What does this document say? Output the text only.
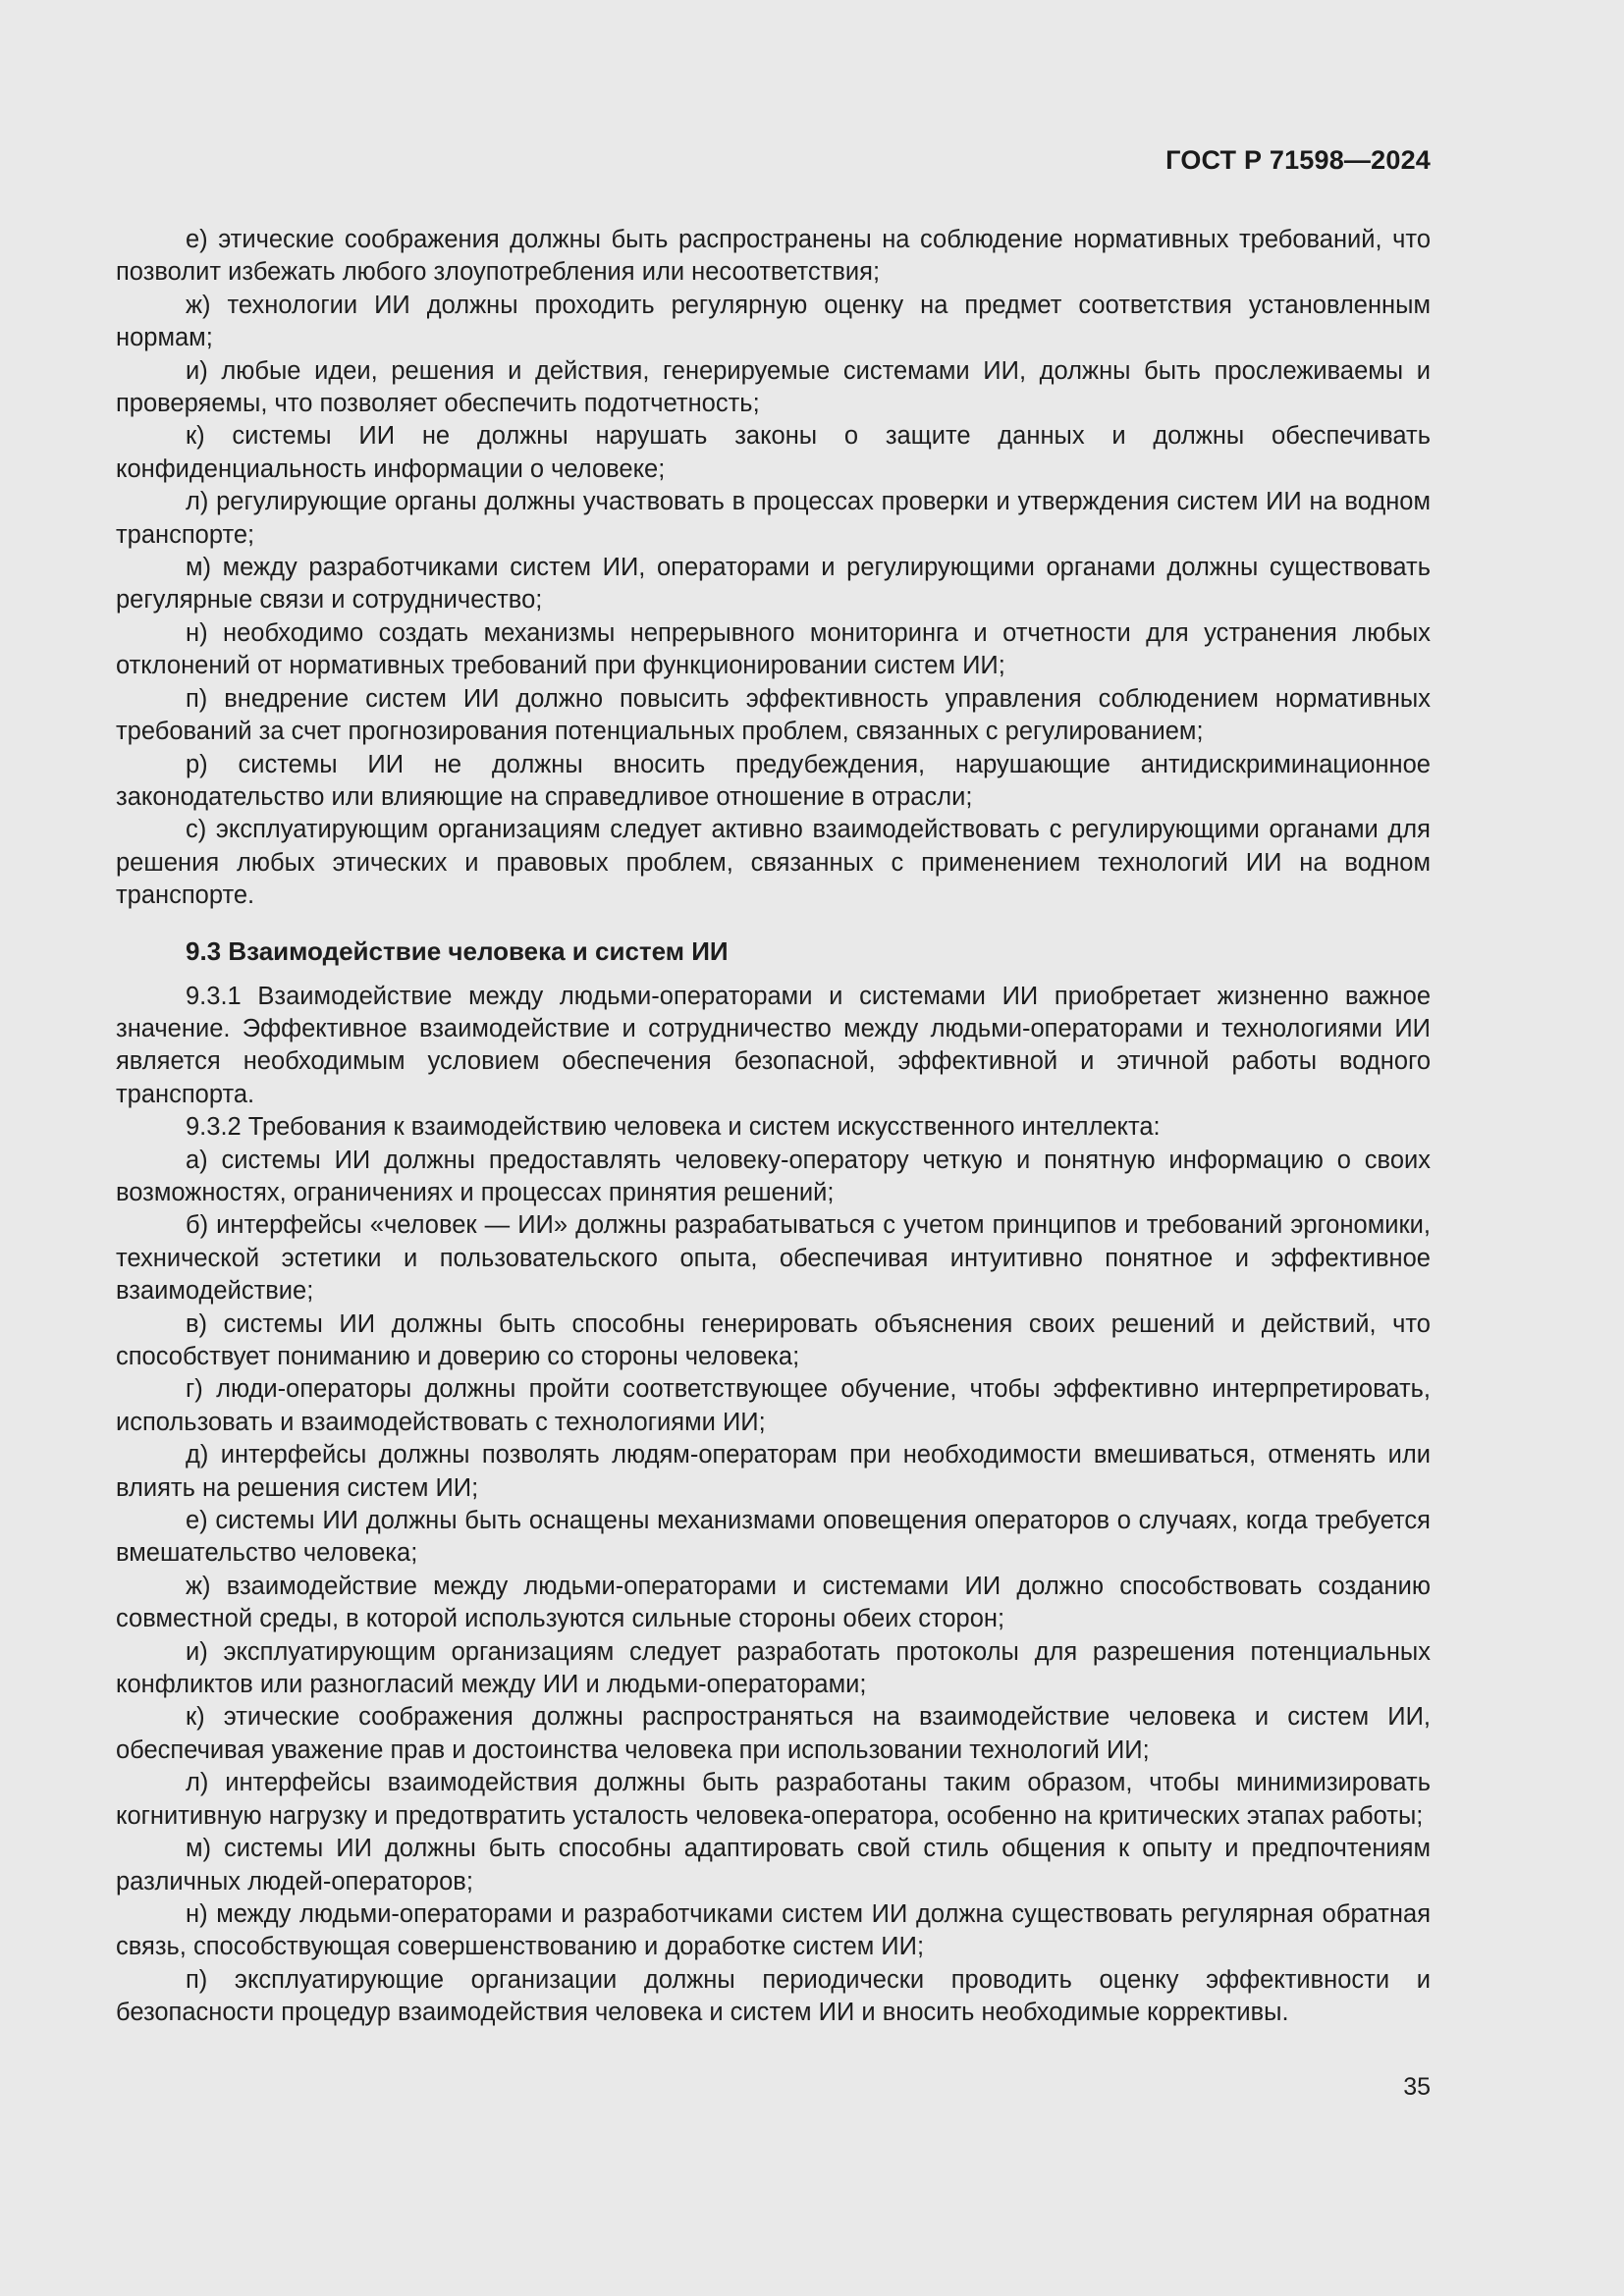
ГОСТ Р 71598—2024

е) этические соображения должны быть распространены на соблюдение нормативных требований, что позволит избежать любого злоупотребления или несоответствия;

ж) технологии ИИ должны проходить регулярную оценку на предмет соответствия установленным нормам;

и) любые идеи, решения и действия, генерируемые системами ИИ, должны быть прослеживаемы и проверяемы, что позволяет обеспечить подотчетность;

к) системы ИИ не должны нарушать законы о защите данных и должны обеспечивать конфиденциальность информации о человеке;

л) регулирующие органы должны участвовать в процессах проверки и утверждения систем ИИ на водном транспорте;

м) между разработчиками систем ИИ, операторами и регулирующими органами должны существовать регулярные связи и сотрудничество;

н) необходимо создать механизмы непрерывного мониторинга и отчетности для устранения любых отклонений от нормативных требований при функционировании систем ИИ;

п) внедрение систем ИИ должно повысить эффективность управления соблюдением нормативных требований за счет прогнозирования потенциальных проблем, связанных с регулированием;

р) системы ИИ не должны вносить предубеждения, нарушающие антидискриминационное законодательство или влияющие на справедливое отношение в отрасли;

с) эксплуатирующим организациям следует активно взаимодействовать с регулирующими органами для решения любых этических и правовых проблем, связанных с применением технологий ИИ на водном транспорте.

9.3 Взаимодействие человека и систем ИИ

9.3.1 Взаимодействие между людьми-операторами и системами ИИ приобретает жизненно важное значение. Эффективное взаимодействие и сотрудничество между людьми-операторами и технологиями ИИ является необходимым условием обеспечения безопасной, эффективной и этичной работы водного транспорта.

9.3.2 Требования к взаимодействию человека и систем искусственного интеллекта:

а) системы ИИ должны предоставлять человеку-оператору четкую и понятную информацию о своих возможностях, ограничениях и процессах принятия решений;

б) интерфейсы «человек — ИИ» должны разрабатываться с учетом принципов и требований эргономики, технической эстетики и пользовательского опыта, обеспечивая интуитивно понятное и эффективное взаимодействие;

в) системы ИИ должны быть способны генерировать объяснения своих решений и действий, что способствует пониманию и доверию со стороны человека;

г) люди-операторы должны пройти соответствующее обучение, чтобы эффективно интерпретировать, использовать и взаимодействовать с технологиями ИИ;

д) интерфейсы должны позволять людям-операторам при необходимости вмешиваться, отменять или влиять на решения систем ИИ;

е) системы ИИ должны быть оснащены механизмами оповещения операторов о случаях, когда требуется вмешательство человека;

ж) взаимодействие между людьми-операторами и системами ИИ должно способствовать созданию совместной среды, в которой используются сильные стороны обеих сторон;

и) эксплуатирующим организациям следует разработать протоколы для разрешения потенциальных конфликтов или разногласий между ИИ и людьми-операторами;

к) этические соображения должны распространяться на взаимодействие человека и систем ИИ, обеспечивая уважение прав и достоинства человека при использовании технологий ИИ;

л) интерфейсы взаимодействия должны быть разработаны таким образом, чтобы минимизировать когнитивную нагрузку и предотвратить усталость человека-оператора, особенно на критических этапах работы;

м) системы ИИ должны быть способны адаптировать свой стиль общения к опыту и предпочтениям различных людей-операторов;

н) между людьми-операторами и разработчиками систем ИИ должна существовать регулярная обратная связь, способствующая совершенствованию и доработке систем ИИ;

п) эксплуатирующие организации должны периодически проводить оценку эффективности и безопасности процедур взаимодействия человека и систем ИИ и вносить необходимые коррективы.

35
